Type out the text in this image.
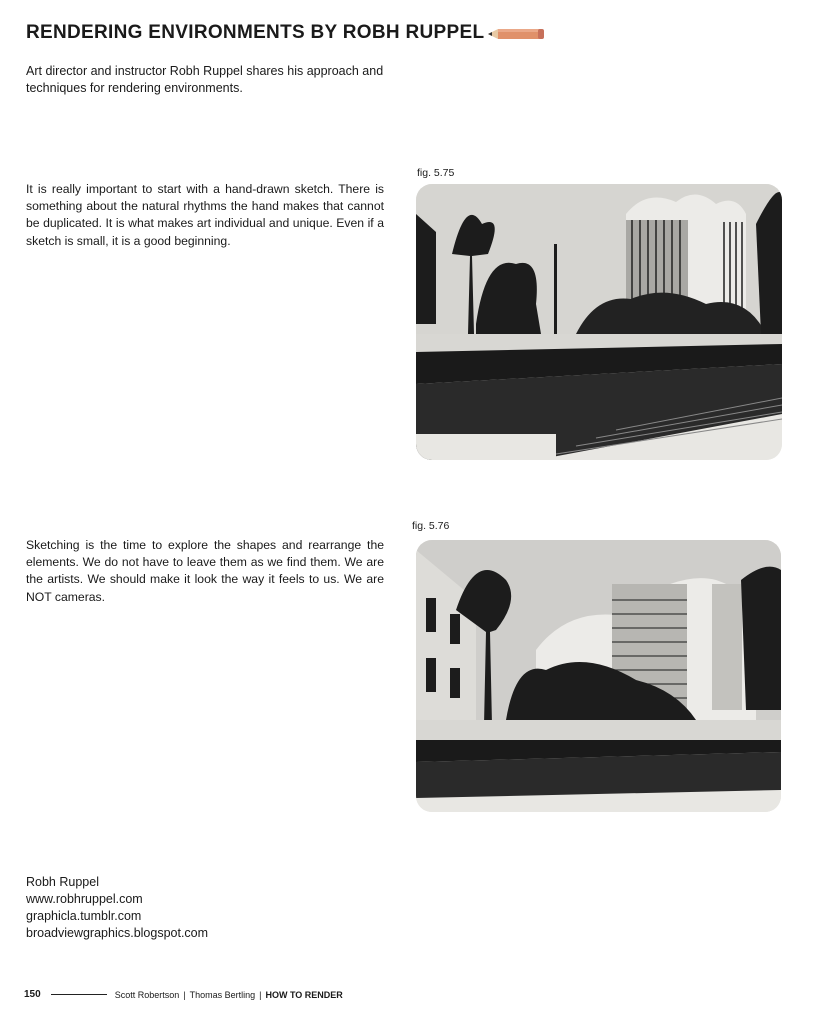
RENDERING ENVIRONMENTS BY ROBH RUPPEL
Art director and instructor Robh Ruppel shares his approach and techniques for rendering environments.
It is really important to start with a hand-drawn sketch. There is something about the natural rhythms the hand makes that cannot be duplicated. It is what makes art individual and unique. Even if a sketch is small, it is a good beginning.
fig. 5.75
Sketching is the time to explore the shapes and rearrange the elements. We do not have to leave them as we find them. We are the artists. We should make it look the way it feels to us. We are NOT cameras.
fig. 5.76
Robh Ruppel
www.robhruppel.com
graphicla.tumblr.com
broadviewgraphics.blogspot.com
150	Scott Robertson | Thomas Bertling | HOW TO RENDER
